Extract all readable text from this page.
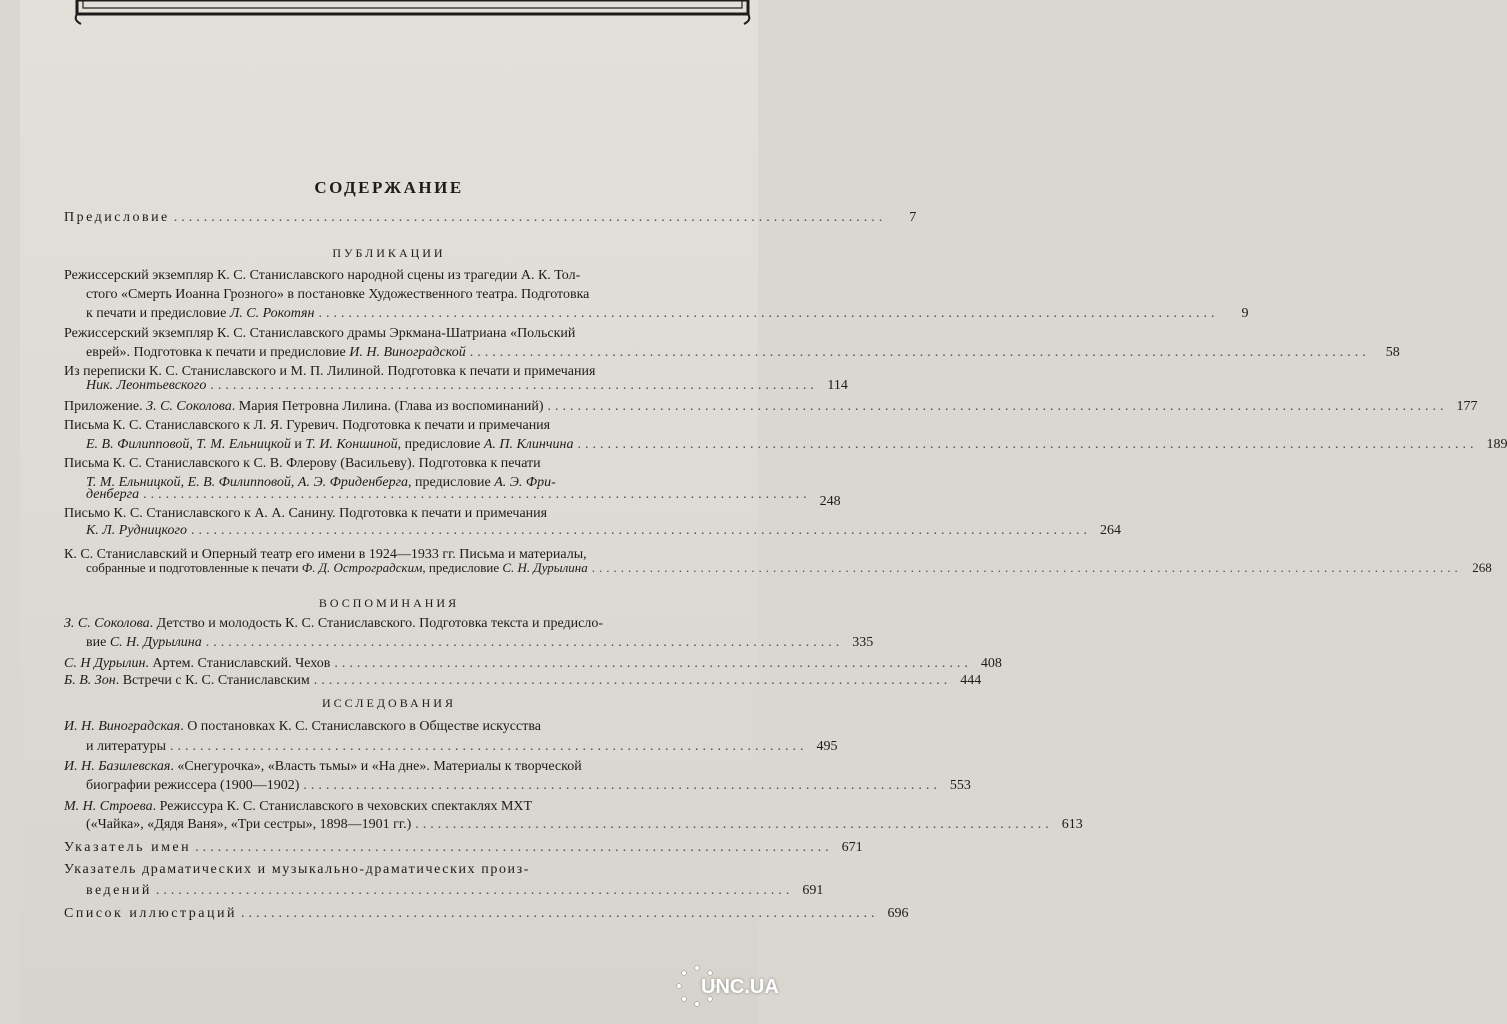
СОДЕРЖАНИЕ
Предисловие ...............................................................................................	7
ПУБЛИКАЦИИ
Режиссерский экземпляр К. С. Станиславского народной сцены из трагедии А. К. Тол-
стого «Смерть Иоанна Грозного» в постановке Художественного театра. Подготовка
к печати и предисловие Л. С. Рокотян ........................................................................................................................	9
Режиссерский экземпляр К. С. Станиславского драмы Эркмана-Шатриана «Польский
еврей». Подготовка к печати и предисловие И. Н. Виноградской ........................................................................................................................	58
Из переписки К. С. Станиславского и М. П. Лилиной. Подготовка к печати и примечания
Ник. Леонтьевского ................................................................................. 114
Приложение. З. С. Соколова. Мария Петровна Лилина. (Глава из воспоминаний) ........................................................................................................................ 177
Письма К. С. Станиславского к Л. Я. Гуревич. Подготовка к печати и примечания
Е. В. Филипповой, Т. М. Ельницкой и Т. И. Коншиной, предисловие А. П. Клинчина ........................................................................................................................ 189
Письма К. С. Станиславского к С. В. Флерову (Васильеву). Подготовка к печати
Т. М. Ельницкой, Е. В. Филипповой, А. Э. Фриденберга, предисловие А. Э. Фри-
денберга ......................................................................................... 248
Письмо К. С. Станиславского к А. А. Санину. Подготовка к печати и примечания
К. Л. Рудницкого ........................................................................................................................ 264
К. С. Станиславский и Оперный театр его имени в 1924—1933 гг. Письма и материалы,
собранные и подготовленные к печати Ф. Д. Остроградским, предисловие С. Н. Дурылина ........................................................................................................................ 268
ВОСПОМИНАНИЯ
З. С. Соколова. Детство и молодость К. С. Станиславского. Подготовка текста и предисло-
вие С. Н. Дурылина ..................................................................................... 335
С. Н Дурылин. Артем. Станиславский. Чехов ..................................................................................... 408
Б. В. Зон. Встречи с К. С. Станиславским ..................................................................................... 444
ИССЛЕДОВАНИЯ
И. Н. Виноградская. О постановках К. С. Станиславского в Обществе искусства
и литературы ..................................................................................... 495
И. Н. Базилевская. «Снегурочка», «Власть тьмы» и «На дне». Материалы к творческой
биографии режиссера (1900—1902) ..................................................................................... 553
М. Н. Строева. Режиссура К. С. Станиславского в чеховских спектаклях МХТ
(«Чайка», «Дядя Ваня», «Три сестры», 1898—1901 гг.) ..................................................................................... 613
Указатель имен ..................................................................................... 671
Указатель драматических и музыкально-драматических произ-
ведений ..................................................................................... 691
Список иллюстраций ..................................................................................... 696
UNC.UA
